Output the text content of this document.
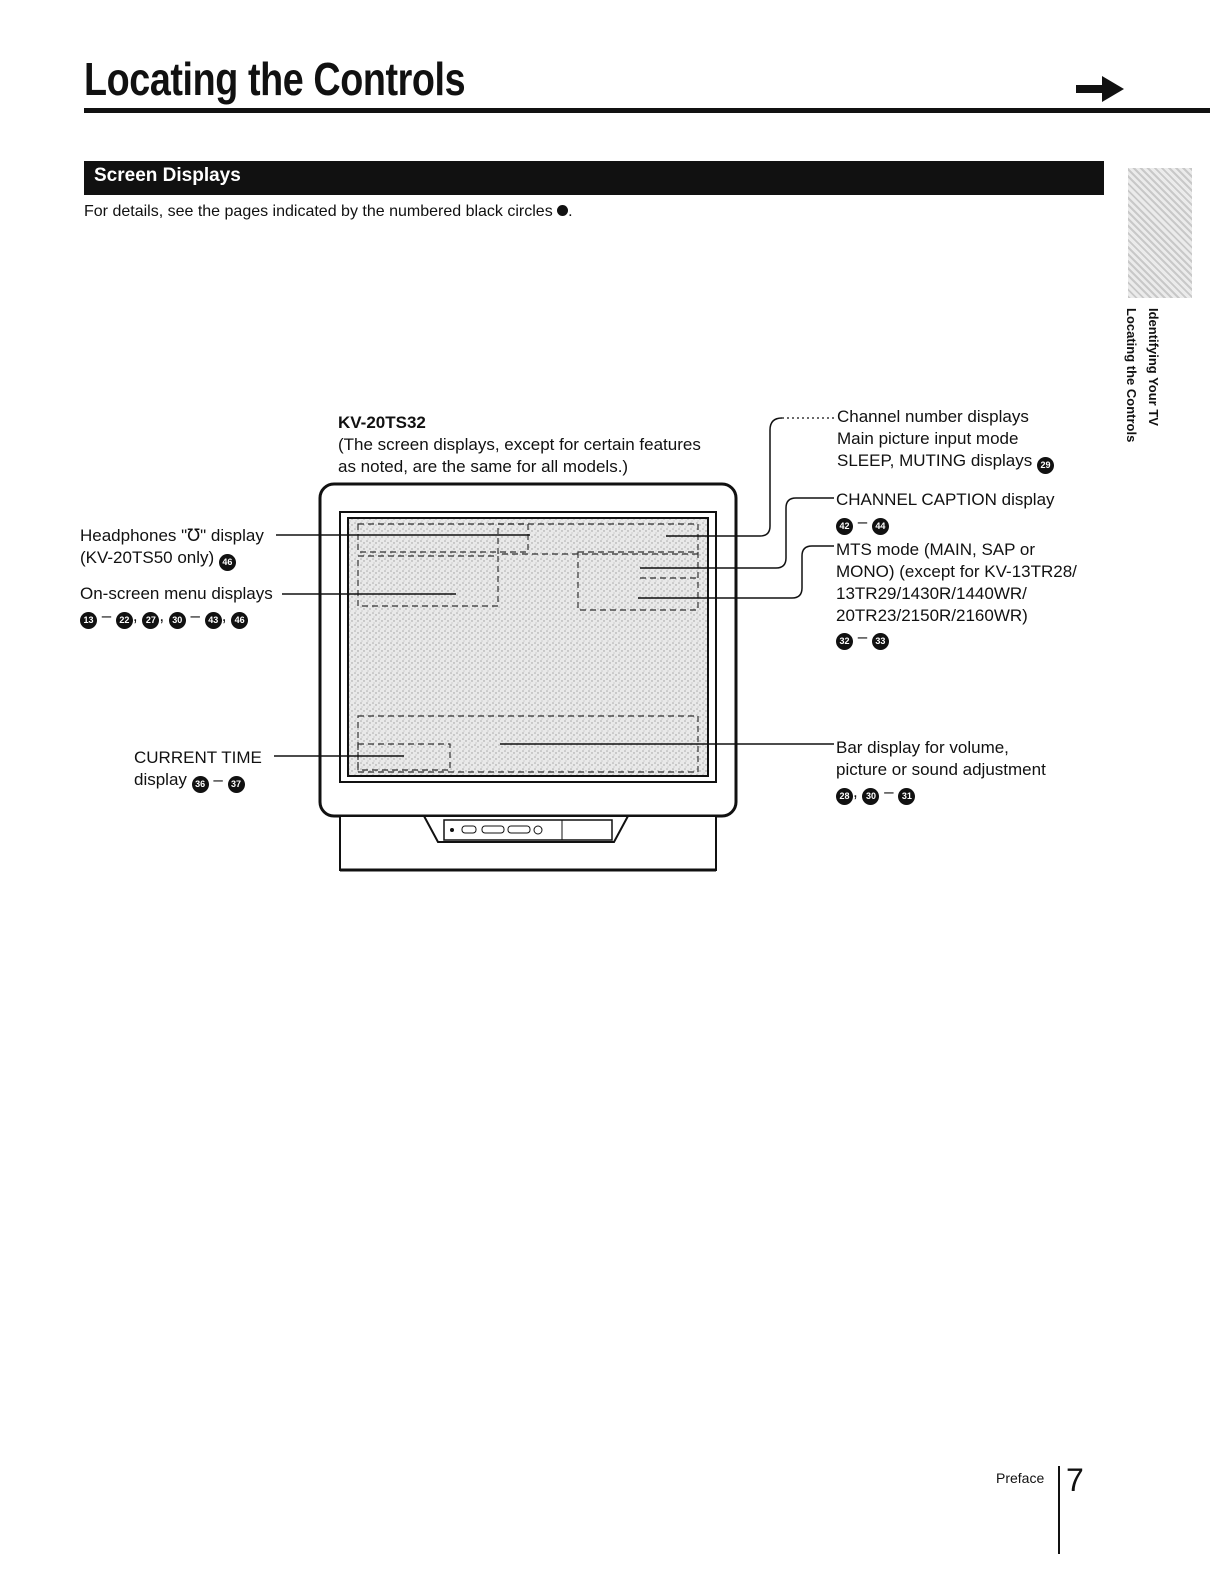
Locating the Controls
Identifying Your TV
Locating the Controls
Screen Displays
For details, see the pages indicated by the numbered black circles .
KV-20TS32
(The screen displays, except for certain features
as noted, are the same for all models.)
Headphones "℧" display
(KV-20TS50 only) 46
On-screen menu displays
13 – 22 , 27 , 30 – 43 , 46
CURRENT TIME
display 36 – 37
Channel number displays
Main picture input mode
SLEEP, MUTING displays 29
CHANNEL CAPTION display
42 – 44
MTS mode (MAIN, SAP or
MONO) (except for KV-13TR28/
13TR29/1430R/1440WR/
20TR23/2150R/2160WR)
32 – 33
Bar display for volume,
picture or sound adjustment
28 , 30 – 31
Preface 7
